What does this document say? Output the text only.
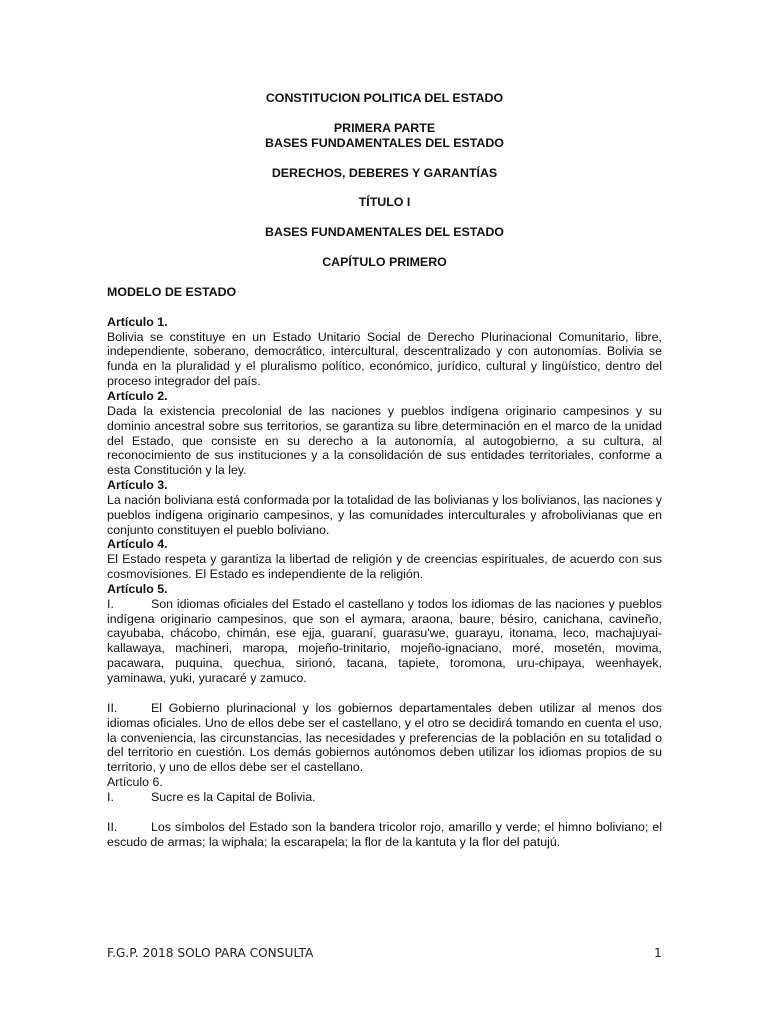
CONSTITUCION POLITICA DEL ESTADO

PRIMERA PARTE

BASES FUNDAMENTALES DEL ESTADO

DERECHOS, DEBERES Y GARANTÍAS

TÍTULO I

BASES FUNDAMENTALES DEL ESTADO

CAPÍTULO PRIMERO

MODELO DE ESTADO

Artículo 1.

Bolivia se constituye en un Estado Unitario Social de Derecho Plurinacional Comunitario, libre, independiente, soberano, democrático, intercultural, descentralizado y con autonomías. Bolivia se funda en la pluralidad y el pluralismo político, económico, jurídico, cultural y lingüístico, dentro del proceso integrador del país.

Artículo 2.

Dada la existencia precolonial de las naciones y pueblos indígena originario campesinos y su dominio ancestral sobre sus territorios, se garantiza su libre determinación en el marco de la unidad del Estado, que consiste en su derecho a la autonomía, al autogobierno, a su cultura, al reconocimiento de sus instituciones y a la consolidación de sus entidades territoriales, conforme a esta Constitución y la ley.

Artículo 3.

La nación boliviana está conformada por la totalidad de las bolivianas y los bolivianos, las naciones y pueblos indígena originario campesinos, y las comunidades interculturales y afrobolivianas que en conjunto constituyen el pueblo boliviano.

Artículo 4.

El Estado respeta y garantiza la libertad de religión y de creencias espirituales, de acuerdo con sus cosmovisiones. El Estado es independiente de la religión.

Artículo 5.

I.	Son idiomas oficiales del Estado el castellano y todos los idiomas de las naciones y pueblos indígena originario campesinos, que son el aymara, araona, baure, bésiro, canichana, cavineño, cayubaba, chácobo, chimán, ese ejja, guaraní, guarasu'we, guarayu, itonama, leco, machajuyai-kallawaya, machineri, maropa, mojeño-trinitario, mojeño-ignaciano, moré, mosetén, movima, pacawara, puquina, quechua, sirionó, tacana, tapiete, toromona, uru-chipaya, weenhayek, yaminawa, yuki, yuracaré y zamuco.

II.	El Gobierno plurinacional y los gobiernos departamentales deben utilizar al menos dos idiomas oficiales. Uno de ellos debe ser el castellano, y el otro se decidirá tomando en cuenta el uso, la conveniencia, las circunstancias, las necesidades y preferencias de la población en su totalidad o del territorio en cuestión. Los demás gobiernos autónomos deben utilizar los idiomas propios de su territorio, y uno de ellos debe ser el castellano.

Artículo 6.

I.	Sucre es la Capital de Bolivia.

II.	Los símbolos del Estado son la bandera tricolor rojo, amarillo y verde; el himno boliviano; el escudo de armas; la wiphala; la escarapela; la flor de la kantuta y la flor del patujú.

F.G.P. 2018 SOLO PARA CONSULTA	1
